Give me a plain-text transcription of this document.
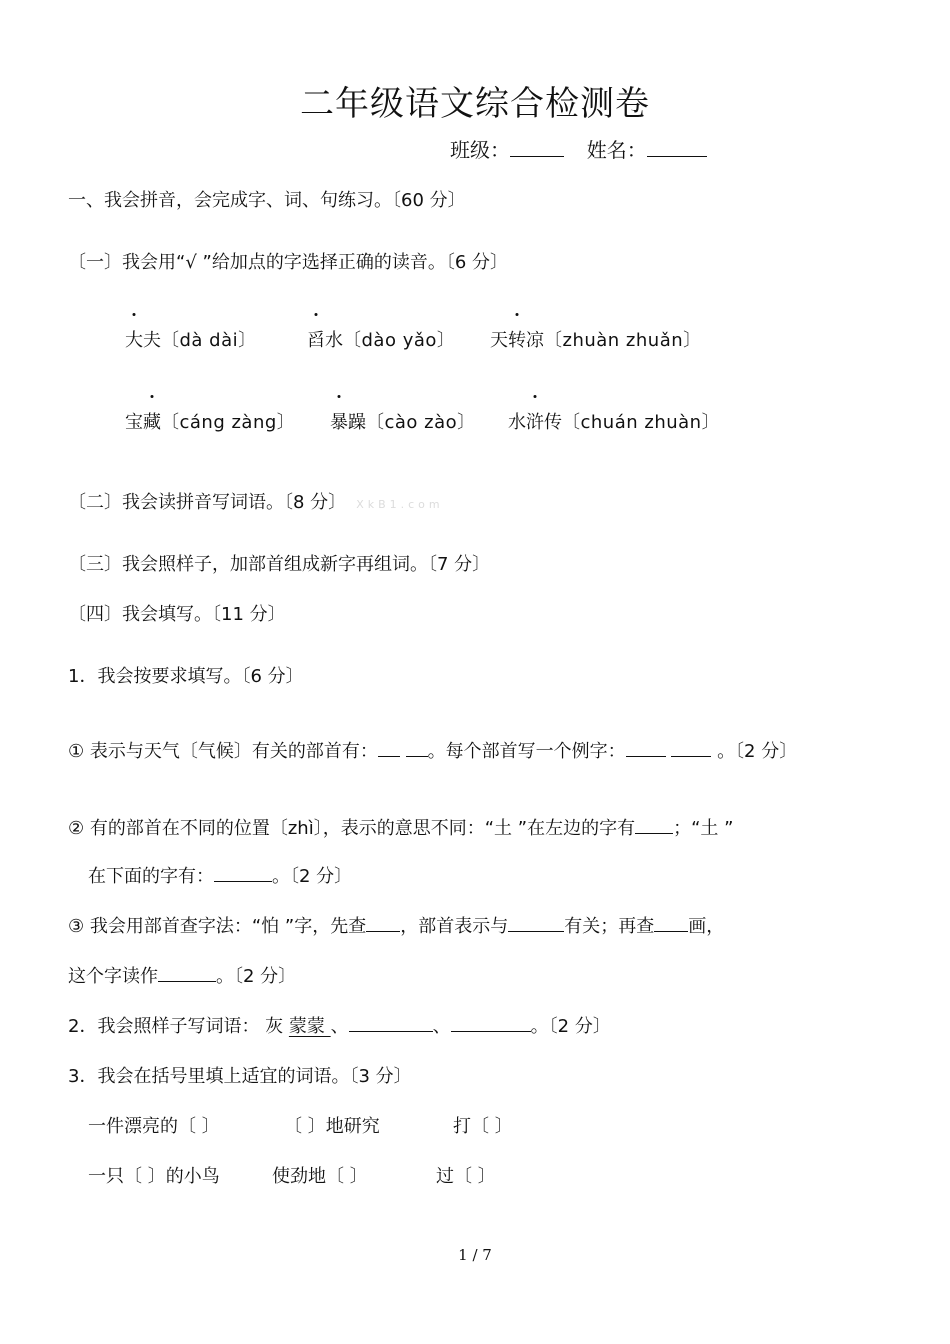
二年级语文综合检测卷
班级：	姓名：
一、我会拼音，会完成字、词、句练习。〔60 分〕
〔一〕我会用“√ ”给加点的字选择正确的读音。〔6 分〕
大夫〔dà dài〕	舀水〔dào yǎo〕 天转凉〔zhuàn zhuǎn〕
宝藏〔cáng zàng〕 暴躁〔cào zào〕 水浒传〔chuán zhuàn〕
〔二〕我会读拼音写词语。〔8 分〕 XkB1.com
〔三〕我会照样子，加部首组成新字再组词。〔7 分〕
〔四〕我会填写。〔11 分〕
1．我会按要求填写。〔6 分〕
① 表示与天气〔气候〕有关的部首有：	。每个部首写一个例字：	。〔2 分〕
② 有的部首在不同的位置〔zhì〕，表示的意思不同：“土 ”在左边的字有 ；“土 ”
在下面的字有：	。〔2 分〕
③ 我会用部首查字法：“怕 ”字，先查 ，部首表示与	有关；再查 画，
这个字读作	。〔2 分〕
2．我会照样子写词语： 灰 蒙蒙 、	、	。〔2 分〕
3．我会在括号里填上适宜的词语。〔3 分〕
一件漂亮的〔 〕	〔 〕地研究	打〔 〕
一只〔 〕的小鸟	使劲地〔 〕	过〔 〕
1 / 7
